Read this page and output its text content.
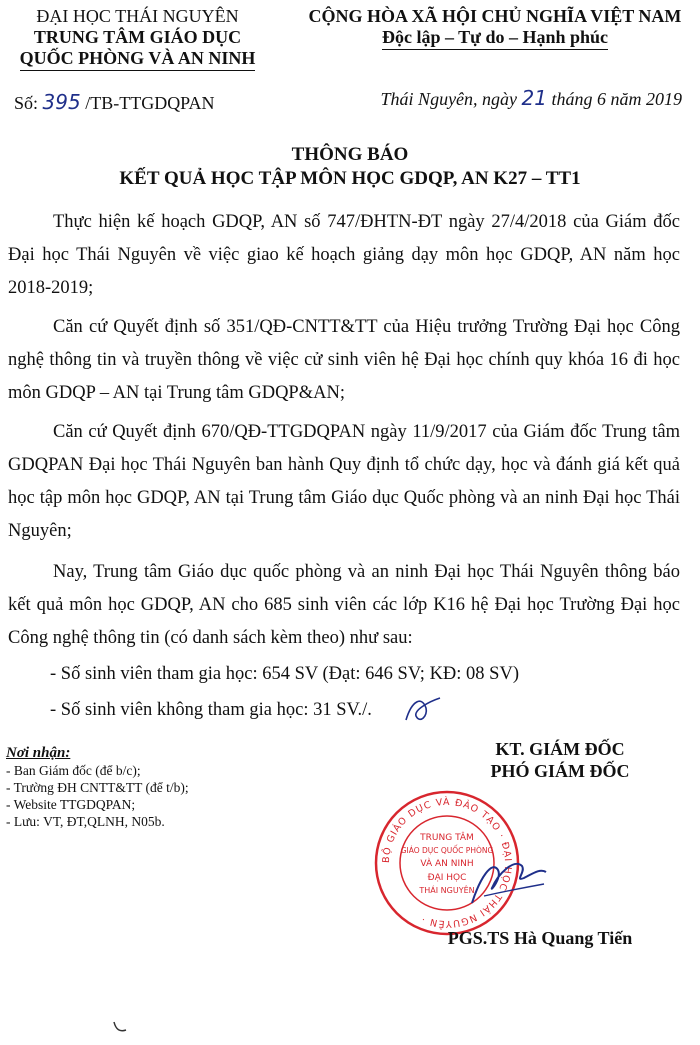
ĐẠI HỌC THÁI NGUYÊN
TRUNG TÂM GIÁO DỤC
QUỐC PHÒNG VÀ AN NINH
CỘNG HÒA XÃ HỘI CHỦ NGHĨA VIỆT NAM
Độc lập – Tự do – Hạnh phúc
Số: 395 /TB-TTGDQPAN	Thái Nguyên, ngày 21 tháng 6 năm 2019
THÔNG BÁO
KẾT QUẢ HỌC TẬP MÔN HỌC GDQP, AN K27 – TT1
Thực hiện kế hoạch GDQP, AN số 747/ĐHTN-ĐT ngày 27/4/2018 của Giám đốc Đại học Thái Nguyên về việc giao kế hoạch giảng dạy môn học GDQP, AN năm học 2018-2019;
Căn cứ Quyết định số 351/QĐ-CNTT&TT của Hiệu trưởng Trường Đại học Công nghệ thông tin và truyền thông về việc cử sinh viên hệ Đại học chính quy khóa 16 đi học môn GDQP – AN tại Trung tâm GDQP&AN;
Căn cứ Quyết định 670/QĐ-TTGDQPAN ngày 11/9/2017 của Giám đốc Trung tâm GDQPAN Đại học Thái Nguyên ban hành Quy định tổ chức dạy, học và đánh giá kết quả học tập môn học GDQP, AN tại Trung tâm Giáo dục Quốc phòng và an ninh Đại học Thái Nguyên;
Nay, Trung tâm Giáo dục quốc phòng và an ninh Đại học Thái Nguyên thông báo kết quả môn học GDQP, AN cho 685 sinh viên các lớp K16 hệ Đại học Trường Đại học Công nghệ thông tin (có danh sách kèm theo) như sau:
- Số sinh viên tham gia học: 654 SV (Đạt: 646 SV; KĐ: 08 SV)
- Số sinh viên không tham gia học: 31 SV./.
Nơi nhận:
- Ban Giám đốc (để b/c);
- Trường ĐH CNTT&TT (để t/b);
- Website TTGDQPAN;
- Lưu: VT, ĐT,QLNH, N05b.
KT. GIÁM ĐỐC
PHÓ GIÁM ĐỐC
BỘ GIÁO DỤC VÀ ĐÀO TẠO · ĐẠI HỌC THÁI NGUYÊN ·
TRUNG TÂM
GIÁO DỤC QUỐC PHÒNG
VÀ AN NINH
ĐẠI HỌC
THÁI NGUYÊN
PGS.TS Hà Quang Tiến
